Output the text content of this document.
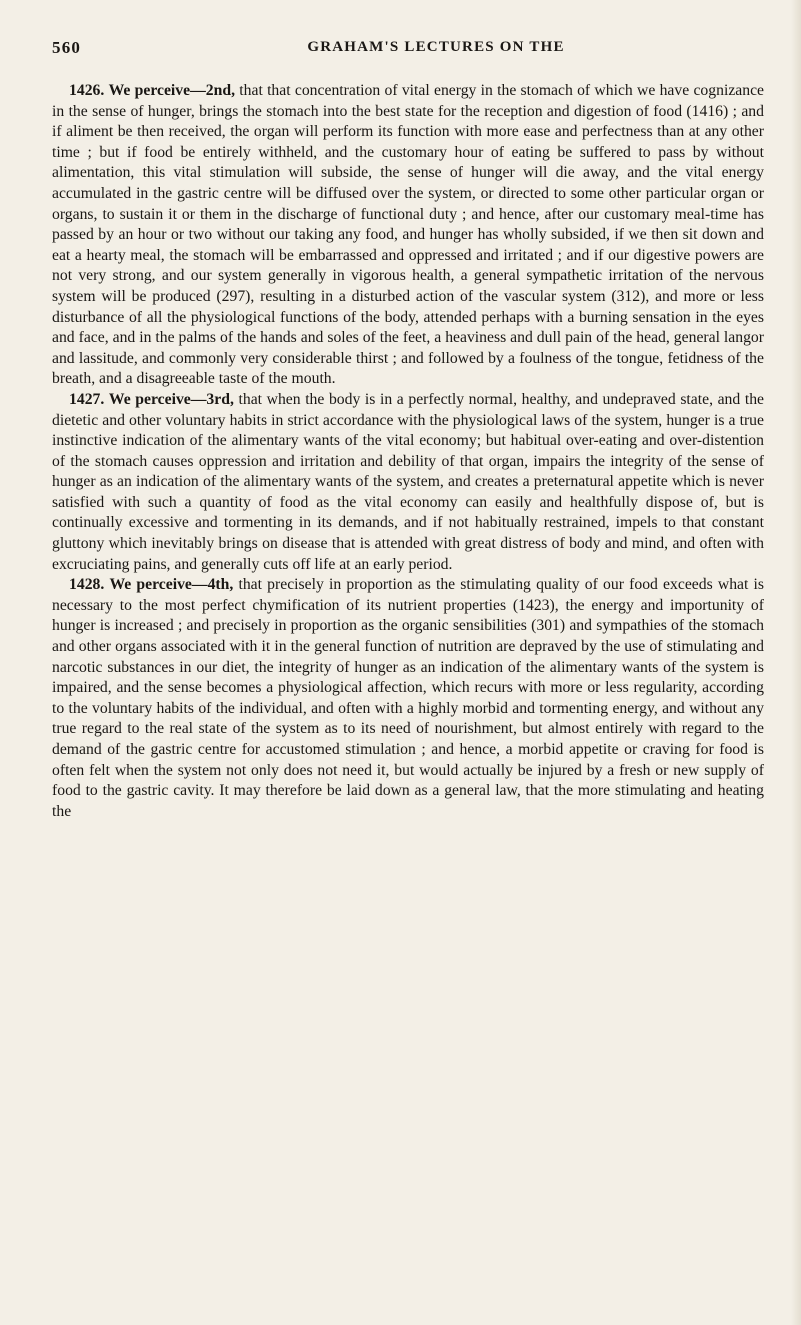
560	GRAHAM'S LECTURES ON THE

1426. We perceive—2nd, that that concentration of vital energy in the stomach of which we have cognizance in the sense of hunger, brings the stomach into the best state for the reception and digestion of food (1416) ; and if aliment be then received, the organ will perform its function with more ease and perfectness than at any other time ; but if food be entirely withheld, and the customary hour of eating be suffered to pass by without alimentation, this vital stimulation will subside, the sense of hunger will die away, and the vital energy accumulated in the gastric centre will be diffused over the system, or directed to some other particular organ or organs, to sustain it or them in the discharge of functional duty ; and hence, after our customary meal-time has passed by an hour or two without our taking any food, and hunger has wholly subsided, if we then sit down and eat a hearty meal, the stomach will be embarrassed and oppressed and irritated ; and if our digestive powers are not very strong, and our system generally in vigorous health, a general sympathetic irritation of the nervous system will be produced (297), resulting in a disturbed action of the vascular system (312), and more or less disturbance of all the physiological functions of the body, attended perhaps with a burning sensation in the eyes and face, and in the palms of the hands and soles of the feet, a heaviness and dull pain of the head, general langor and lassitude, and commonly very considerable thirst ; and followed by a foulness of the tongue, fetidness of the breath, and a disagreeable taste of the mouth.

1427. We perceive—3rd, that when the body is in a perfectly normal, healthy, and undepraved state, and the dietetic and other voluntary habits in strict accordance with the physiological laws of the system, hunger is a true instinctive indication of the alimentary wants of the vital economy; but habitual over-eating and over-distention of the stomach causes oppression and irritation and debility of that organ, impairs the integrity of the sense of hunger as an indication of the alimentary wants of the system, and creates a preternatural appetite which is never satisfied with such a quantity of food as the vital economy can easily and healthfully dispose of, but is continually excessive and tormenting in its demands, and if not habitually restrained, impels to that constant gluttony which inevitably brings on disease that is attended with great distress of body and mind, and often with excruciating pains, and generally cuts off life at an early period.

1428. We perceive—4th, that precisely in proportion as the stimulating quality of our food exceeds what is necessary to the most perfect chymification of its nutrient properties (1423), the energy and importunity of hunger is increased ; and precisely in proportion as the organic sensibilities (301) and sympathies of the stomach and other organs associated with it in the general function of nutrition are depraved by the use of stimulating and narcotic substances in our diet, the integrity of hunger as an indication of the alimentary wants of the system is impaired, and the sense becomes a physiological affection, which recurs with more or less regularity, according to the voluntary habits of the individual, and often with a highly morbid and tormenting energy, and without any true regard to the real state of the system as to its need of nourishment, but almost entirely with regard to the demand of the gastric centre for accustomed stimulation ; and hence, a morbid appetite or craving for food is often felt when the system not only does not need it, but would actually be injured by a fresh or new supply of food to the gastric cavity. It may therefore be laid down as a general law, that the more stimulating and heating the
